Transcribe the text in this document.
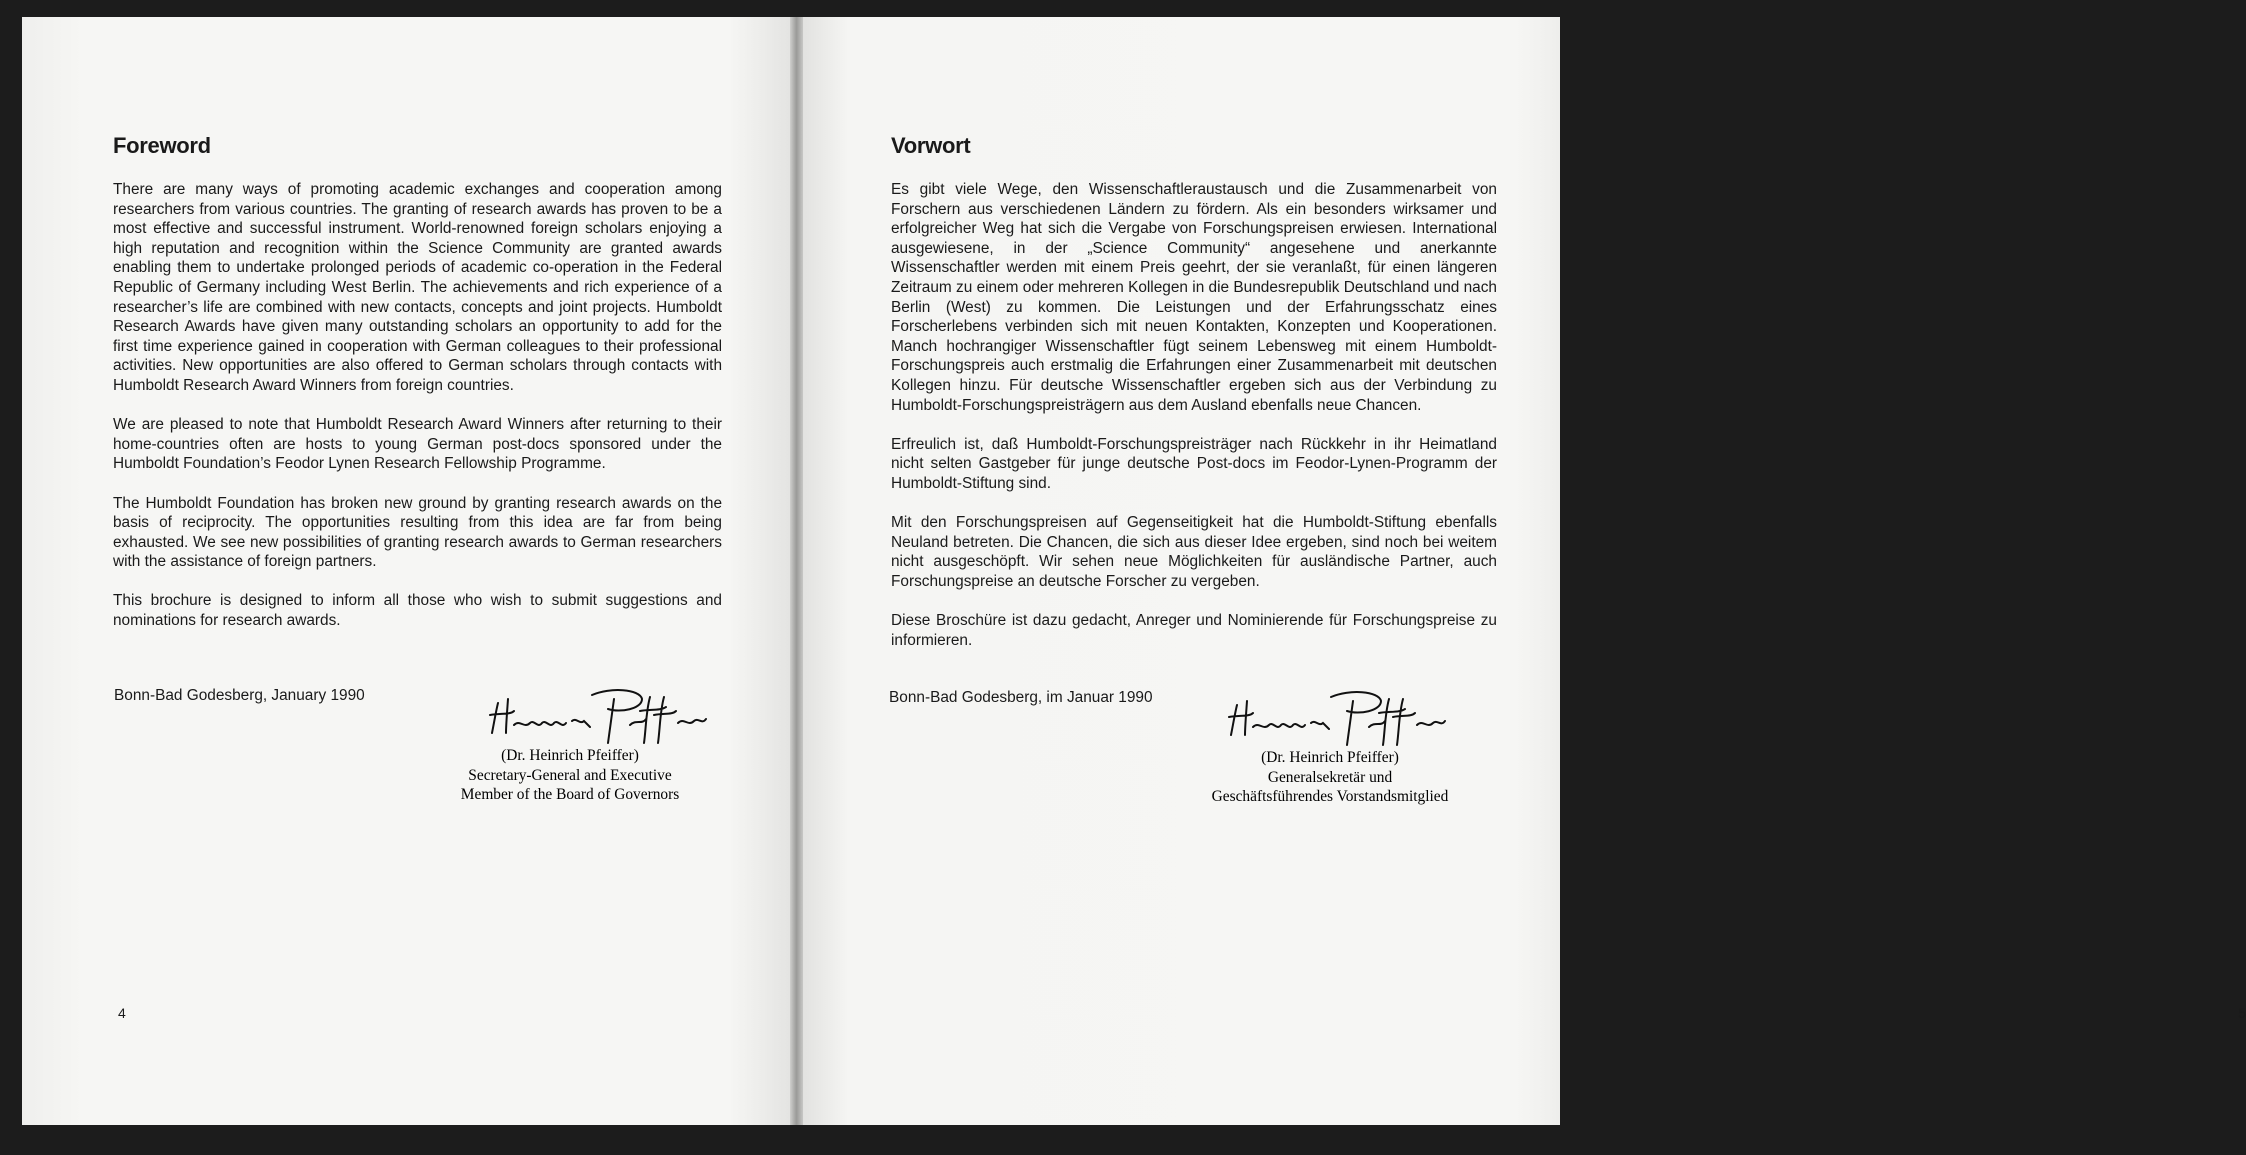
Foreword

There are many ways of promoting academic exchanges and cooperation among researchers from various countries. The granting of research awards has proven to be a most effective and successful instrument. World-renowned foreign scholars enjoying a high reputation and recognition within the Science Community are granted awards enabling them to undertake prolonged periods of academic co-operation in the Federal Republic of Germany including West Berlin. The achievements and rich experience of a researcher’s life are combined with new contacts, concepts and joint projects. Humboldt Research Awards have given many outstanding scholars an opportunity to add for the first time experience gained in cooperation with German colleagues to their professional activities. New opportunities are also offered to German scholars through contacts with Humboldt Research Award Winners from foreign countries.

We are pleased to note that Humboldt Research Award Winners after returning to their home-countries often are hosts to young German post-docs sponsored under the Humboldt Foundation’s Feodor Lynen Research Fellowship Programme.

The Humboldt Foundation has broken new ground by granting research awards on the basis of reciprocity. The opportunities resulting from this idea are far from being exhausted. We see new possibilities of granting research awards to German researchers with the assistance of foreign partners.

This brochure is designed to inform all those who wish to submit suggestions and nominations for research awards.

Bonn-Bad Godesberg, January 1990
4
Vorwort

Es gibt viele Wege, den Wissenschaftleraustausch und die Zusammenarbeit von Forschern aus verschiedenen Ländern zu fördern. Als ein besonders wirksamer und erfolgreicher Weg hat sich die Vergabe von Forschungspreisen erwiesen. International ausgewiesene, in der „Science Community“ angesehene und anerkannte Wissenschaftler werden mit einem Preis geehrt, der sie veranlaßt, für einen längeren Zeitraum zu einem oder mehreren Kollegen in die Bundesrepublik Deutschland und nach Berlin (West) zu kommen. Die Leistungen und der Erfahrungsschatz eines Forscherlebens verbinden sich mit neuen Kontakten, Konzepten und Kooperationen. Manch hochrangiger Wissenschaftler fügt seinem Lebensweg mit einem Humboldt-Forschungspreis auch erstmalig die Erfahrungen einer Zusammenarbeit mit deutschen Kollegen hinzu. Für deutsche Wissenschaftler ergeben sich aus der Verbindung zu Humboldt-Forschungspreisträgern aus dem Ausland ebenfalls neue Chancen.

Erfreulich ist, daß Humboldt-Forschungspreisträger nach Rückkehr in ihr Heimatland nicht selten Gastgeber für junge deutsche Post-docs im Feodor-Lynen-Programm der Humboldt-Stiftung sind.

Mit den Forschungspreisen auf Gegenseitigkeit hat die Humboldt-Stiftung ebenfalls Neuland betreten. Die Chancen, die sich aus dieser Idee ergeben, sind noch bei weitem nicht ausgeschöpft. Wir sehen neue Möglichkeiten für ausländische Partner, auch Forschungspreise an deutsche Forscher zu vergeben.

Diese Broschüre ist dazu gedacht, Anreger und Nominierende für Forschungspreise zu informieren.

Bonn-Bad Godesberg, im Januar 1990
5
(Dr. Heinrich Pfeiffer)
Secretary-General and Executive
Member of the Board of Governors
(Dr. Heinrich Pfeiffer)
Generalsekretär und
Geschäftsführendes Vorstandsmitglied
